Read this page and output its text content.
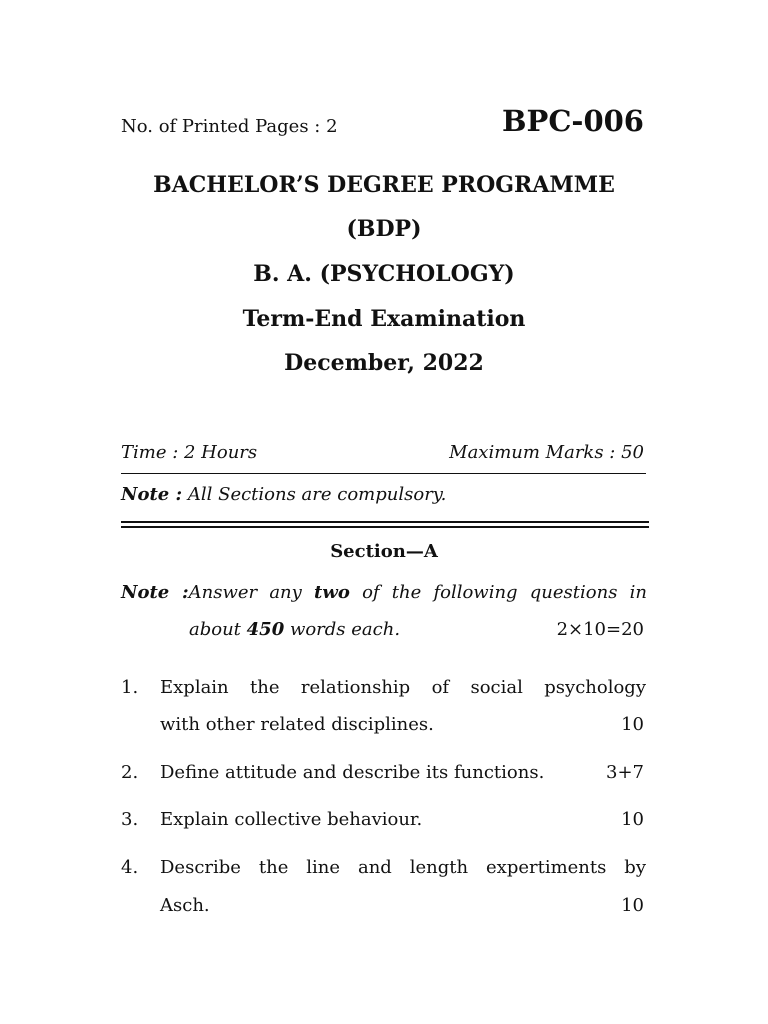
No. of Printed Pages : 2	BPC-006
BACHELOR’S DEGREE PROGRAMME
(BDP)
B. A. (PSYCHOLOGY)
Term-End Examination
December, 2022
Time : 2 Hours	Maximum Marks : 50
Note : All Sections are compulsory.
Section—A
Note :Answer any two of the following questions in
about 450 words each.	2×10=20
1. Explain the relationship of social psychology
with other related disciplines.	10
2. Define attitude and describe its functions.	3+7
3. Explain collective behaviour.	10
4. Describe the line and length expertiments by
Asch.	10
